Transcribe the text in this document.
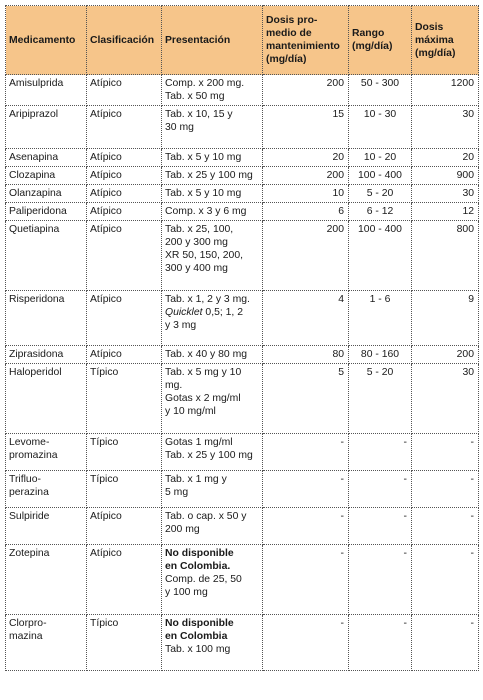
Medicamento	Clasificación	Presentación	Dosis pro-
medio de
mantenimiento
(mg/día)	Rango
(mg/día)	Dosis
máxima
(mg/día)

Amisulprida	Atípico	Comp. x 200 mg.
Tab. x 50 mg	200	50 - 300	1200

Aripiprazol	Atípico	Tab. x 10, 15 y
30 mg	15	10 - 30	30

Asenapina	Atípico	Tab. x 5 y 10 mg	20	10 - 20	20

Clozapina	Atípico	Tab. x 25 y 100 mg	200	100 - 400	900

Olanzapina	Atípico	Tab. x 5 y 10 mg	10	5 - 20	30

Paliperidona	Atípico	Comp. x 3 y 6 mg	6	6 - 12	12

Quetiapina	Atípico	Tab. x 25, 100,
200 y 300 mg
XR 50, 150, 200,
300 y 400 mg	200	100 - 400	800

Risperidona	Atípico	Tab. x 1, 2 y 3 mg.
Quicklet 0,5; 1, 2
y 3 mg	4	1 - 6	9

Ziprasidona	Atípico	Tab. x 40 y 80 mg	80	80 - 160	200

Haloperidol	Típico	Tab. x 5 mg y 10
mg.
Gotas x 2 mg/ml
y 10 mg/ml	5	5 - 20	30

Levome-
promazina	Típico	Gotas 1 mg/ml
Tab. x 25 y 100 mg	-	-	-

Trifluo-
perazina	Típico	Tab. x 1 mg y
5 mg	-	-	-

Sulpiride	Atípico	Tab. o cap. x 50 y
200 mg	-	-	-

Zotepina	Atípico	No disponible
en Colombia.
Comp. de 25, 50
y 100 mg	-	-	-

Clorpro-
mazina	Típico	No disponible
en Colombia
Tab. x 100 mg	-	-	-
